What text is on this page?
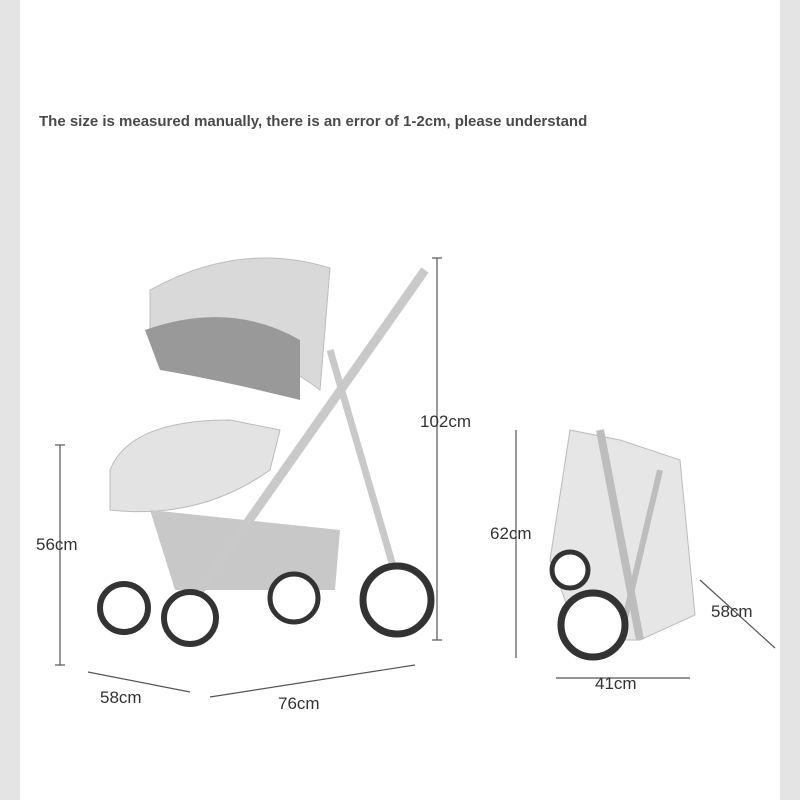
The size is measured manually, there is an error of 1-2cm, please understand
102cm
56cm
58cm	76cm
62cm
41cm
58cm
